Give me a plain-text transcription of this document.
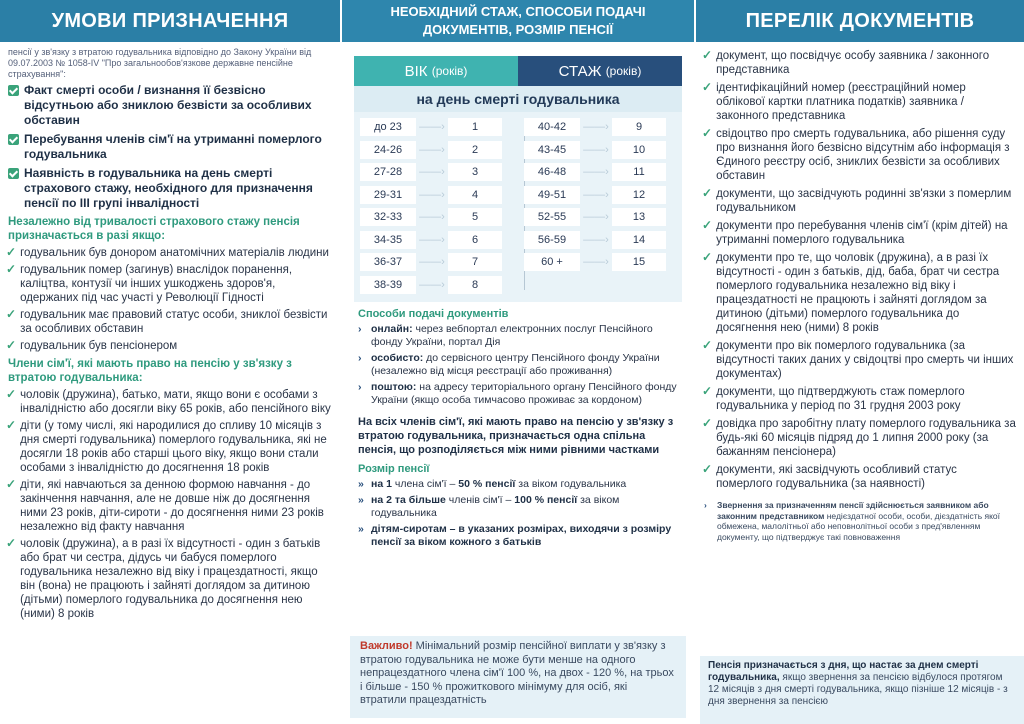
УМОВИ ПРИЗНАЧЕННЯ
пенсії у зв'язку з втратою годувальника відповідно до Закону України від 09.07.2003 № 1058-IV "Про загальнообов'язкове державне пенсійне страхування":
Факт смерті особи / визнання її безвісно відсутньою або зниклою безвісти за особливих обставин
Перебування членів сім'ї на утриманні померлого годувальника
Наявність в годувальника на день смерті страхового стажу, необхідного для призначення пенсії по ІІІ групі інвалідності
Незалежно від тривалості страхового стажу пенсія призначається в разі якщо:
✓ годувальник був донором анатомічних матеріалів людини
✓ годувальник помер (загинув) внаслідок поранення, каліцтва, контузії чи інших ушкоджень здоров'я, одержаних під час участі у Революції Гідності
✓ годувальник має правовий статус особи, зниклої безвісти за особливих обставин
✓ годувальник був пенсіонером
Члени сім'ї, які мають право на пенсію у зв'язку з втратою годувальника:
✓ чоловік (дружина), батько, мати, якщо вони є особами з інвалідністю або досягли віку 65 років, або пенсійного віку
✓ діти (у тому числі, які народилися до спливу 10 місяців з дня смерті годувальника) померлого годувальника, які не досягли 18 років або старші цього віку, якщо вони стали особами з інвалідністю до досягнення 18 років
✓ діти, які навчаються за денною формою навчання - до закінчення навчання, але не довше ніж до досягнення ними 23 років, діти-сироти - до досягнення ними 23 років незалежно від факту навчання
✓ чоловік (дружина), а в разі їх відсутності - один з батьків або брат чи сестра, дідусь чи бабуся померлого годувальника незалежно від віку і працездатності, якщо він (вона) не працюють і зайняті доглядом за дитиною (дітьми) померлого годувальника до досягнення нею (ними) 8 років
НЕОБХІДНИЙ СТАЖ, СПОСОБИ ПОДАЧІ ДОКУМЕНТІВ, РОЗМІР ПЕНСІЇ
ВІК
(років)	СТАЖ
(років)
на день смерті годувальника
до 23	——›	1
24-26	——›	2
27-28	——›	3
29-31	——›	4
32-33	——›	5
34-35	——›	6
36-37	——›	7
38-39	——›	8
40-42	——›	9
43-45	——›	10
46-48	——›	11
49-51	——›	12
52-55	——›	13
56-59	——›	14
60 +	——›	15
Способи подачі документів
› онлайн: через вебпортал електронних послуг Пенсійного фонду України, портал Дія
› особисто: до сервісного центру Пенсійного фонду України (незалежно від місця реєстрації або проживання)
› поштою: на адресу територіального органу Пенсійного фонду України (якщо особа тимчасово проживає за кордоном)
На всіх членів сім'ї, які мають право на пенсію у зв'язку з втратою годувальника, призначається одна спільна пенсія, що розподіляється між ними рівними частками
Розмір пенсії
» на 1 члена сім'ї – 50 % пенсії за віком годувальника
» на 2 та більше членів сім'ї – 100 % пенсії за віком годувальника
» дітям-сиротам – в указаних розмірах, виходячи з розміру пенсії за віком кожного з батьків
Важливо! Мінімальний розмір пенсійної виплати у зв'язку з втратою годувальника не може бути менше на одного непрацездатного члена сім'ї 100 %, на двох - 120 %, на трьох і більше - 150 % прожиткового мінімуму для осіб, які втратили працездатність
ПЕРЕЛІК ДОКУМЕНТІВ
✓ документ, що посвідчує особу заявника / законного представника
✓ ідентифікаційний номер (реєстраційний номер облікової картки платника податків) заявника / законного представника
✓ свідоцтво про смерть годувальника, або рішення суду про визнання його безвісно відсутнім або інформація з Єдиного реєстру осіб, зниклих безвісти за особливих обставин
✓ документи, що засвідчують родинні зв'язки з померлим годувальником
✓ документи про перебування членів сім'ї (крім дітей) на утриманні померлого годувальника
✓ документи про те, що чоловік (дружина), а в разі їх відсутності - один з батьків, дід, баба, брат чи сестра померлого годувальника незалежно від віку і працездатності не працюють і зайняті доглядом за дитиною (дітьми) померлого годувальника до досягнення нею (ними) 8 років
✓ документи про вік померлого годувальника (за відсутності таких даних у свідоцтві про смерть чи інших документах)
✓ документи, що підтверджують стаж померлого годувальника у період по 31 грудня 2003 року
✓ довідка про заробітну плату померлого годувальника за будь-які 60 місяців підряд до 1 липня 2000 року (за бажанням пенсіонера)
✓ документи, які засвідчують особливий статус померлого годувальника (за наявності)
›	Звернення за призначенням пенсії здійснюється заявником або законним представником недієздатної особи, особи, дієздатність якої обмежена, малолітньої або неповнолітньої особи з пред'явленням документу, що підтверджує такі повноваження
Пенсія призначається з дня, що настає за днем смерті годувальника, якщо звернення за пенсією відбулося протягом 12 місяців з дня смерті годувальника, якщо пізніше 12 місяців - з дня звернення за пенсією
